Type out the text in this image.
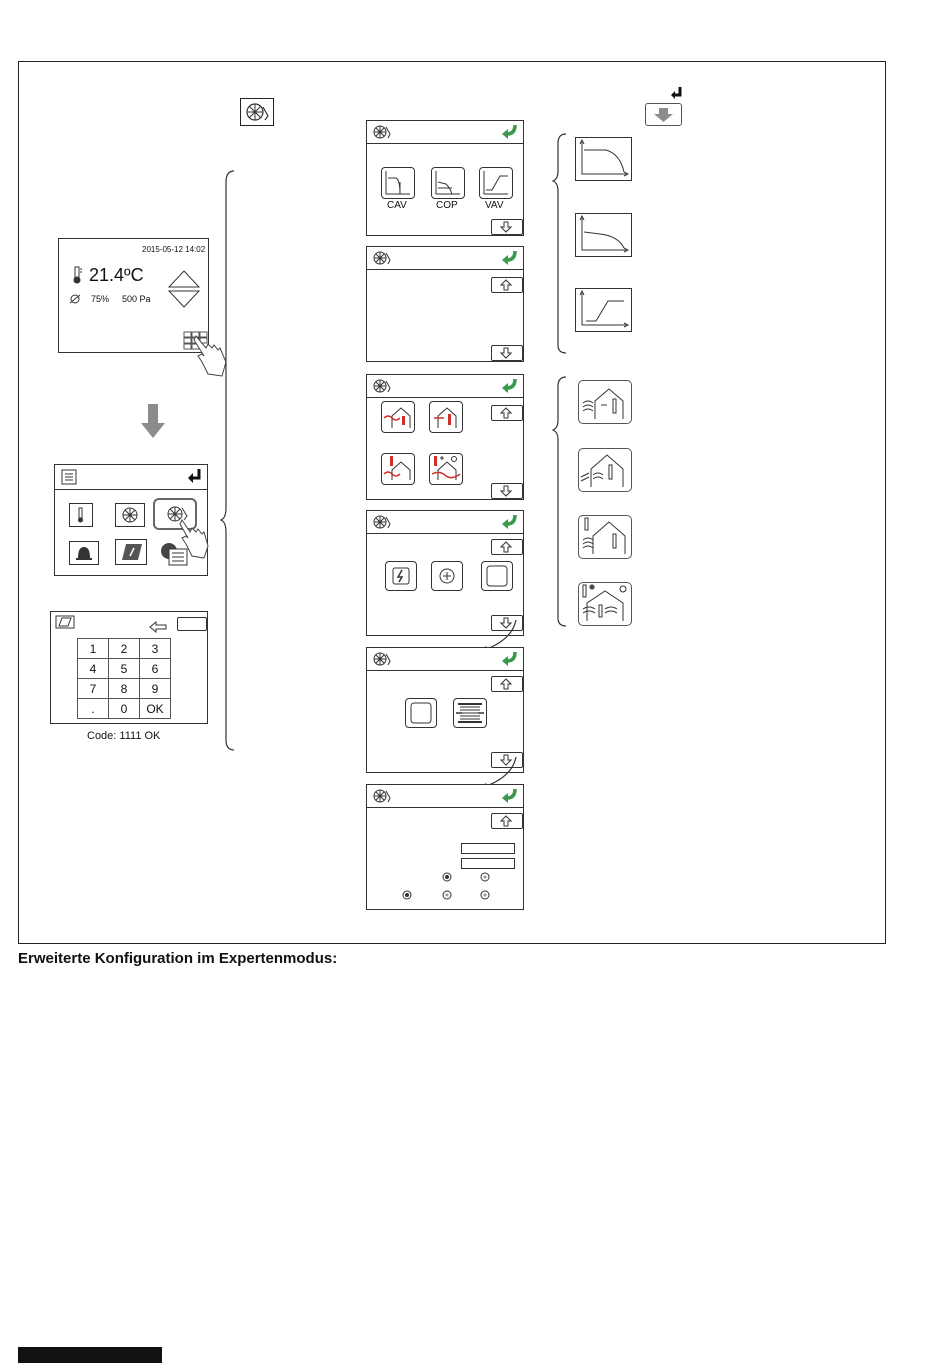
2015-05-12 14:02
21.4ºC
75% 500 Pa
1	2	3
4	5	6
7	8	9
.	0	OK
Code: 1111 OK
CAV	COP	VAV
Erweiterte Konfiguration im Expertenmodus:
